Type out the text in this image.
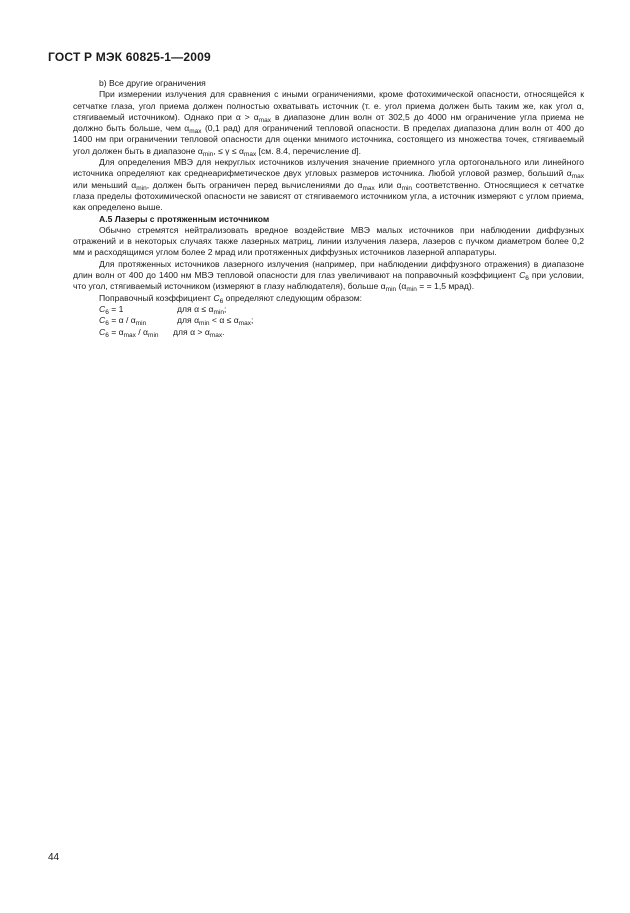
ГОСТ Р МЭК 60825-1—2009

b) Все другие ограничения

При измерении излучения для сравнения с иными ограничениями, кроме фотохимической опасности, относящейся к сетчатке глаза, угол приема должен полностью охватывать источник (т. е. угол приема должен быть таким же, как угол α, стягиваемый источником). Однако при $\alpha > \alpha_{max}$ в диапазоне длин волн от 302,5 до 4000 нм ограничение угла приема не должно быть больше, чем $\alpha_{max}$ (0,1 рад) для ограничений тепловой опасности. В пределах диапазона длин волн от 400 до 1400 нм при ограничении тепловой опасности для оценки мнимого источника, состоящего из множества точек, стягиваемый угол должен быть в диапазоне $\alpha_{min}$, ≤ $\gamma \le \alpha_{max}$ [см. 8.4, перечисление d].

Для определения МВЭ для некруглых источников излучения значение приемного угла ортогонального или линейного источника определяют как среднеарифметическое двух угловых размеров источника. Любой угловой размер, больший $\alpha_{max}$ или меньший $\alpha_{min}$, должен быть ограничен перед вычислениями до $\alpha_{max}$ или $\alpha_{min}$ соответственно. Относящиеся к сетчатке глаза пределы фотохимической опасности не зависят от стягиваемого источником угла, а источник измеряют с углом приема, как определено выше.

А.5 Лазеры с протяженным источником

Обычно стремятся нейтрализовать вредное воздействие МВЭ малых источников при наблюдении диффузных отражений и в некоторых случаях также лазерных матриц, линии излучения лазера, лазеров с пучком диаметром более 0,2 мм и расходящимся углом более 2 мрад или протяженных диффузных источников лазерной аппаратуры.

Для протяженных источников лазерного излучения (например, при наблюдении диффузного отражения) в диапазоне длин волн от 400 до 1400 нм МВЭ тепловой опасности для глаз увеличивают на поправочный коэффициент $C_6$ при условии, что угол, стягиваемый источником (измеряют в глазу наблюдателя), больше $\alpha_{min}$ ($\alpha_{min}$ = = 1,5 мрад).

Поправочный коэффициент $C_6$ определяют следующим образом:

$C_6 = 1$	для $\alpha \le \alpha_{min}$;
$C_6 = \alpha / \alpha_{min}$	для $\alpha_{min} < \alpha \le \alpha_{max}$;
$C_6 = \alpha_{max} / \alpha_{min}$	для $\alpha > \alpha_{max}$.
44
